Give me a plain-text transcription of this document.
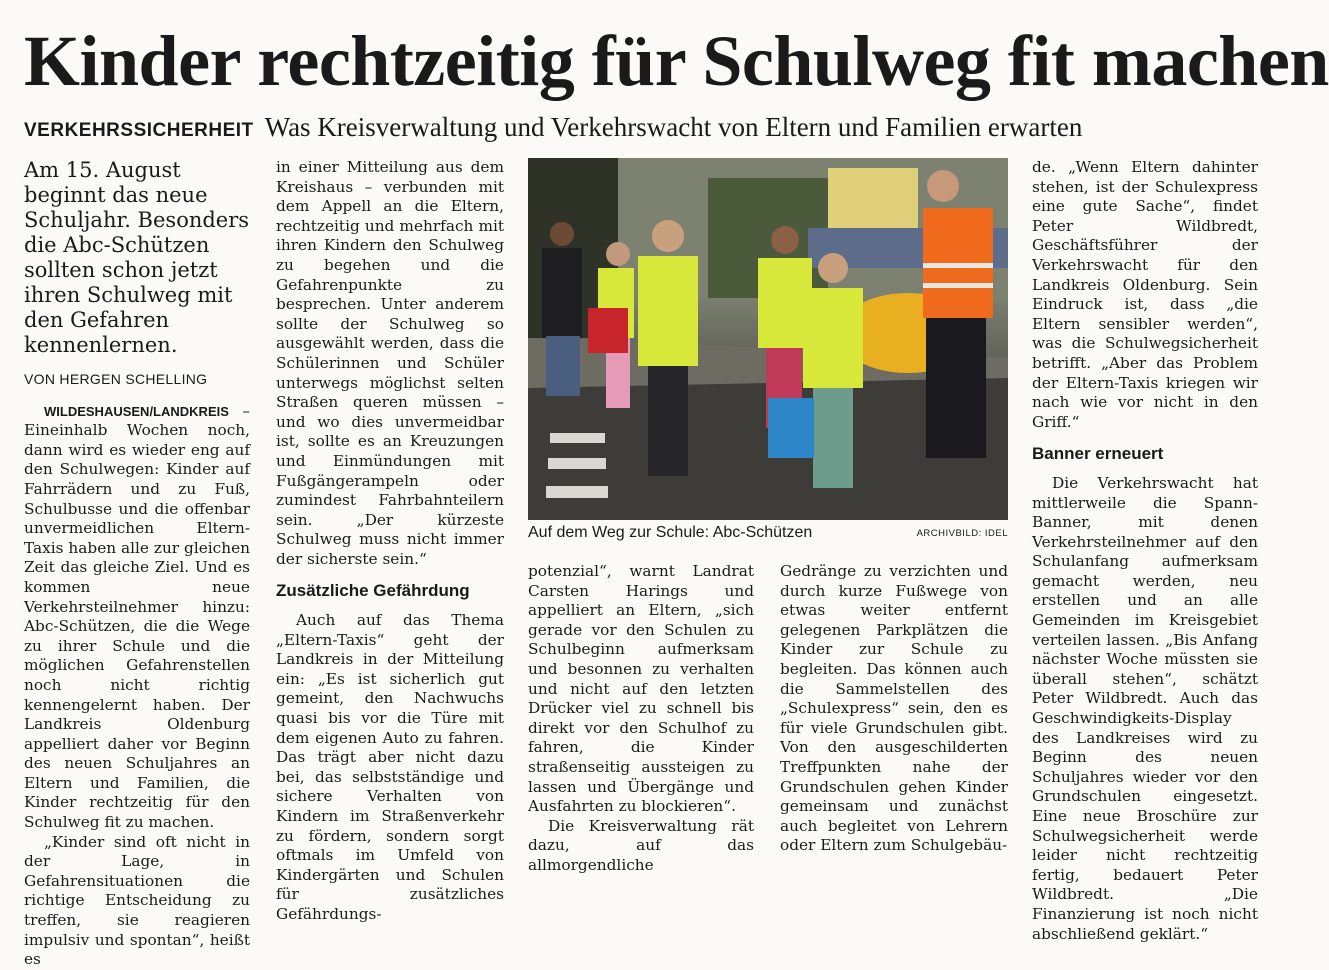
Kinder rechtzeitig für Schulweg fit machen
VERKEHRSSICHERHEIT Was Kreisverwaltung und Verkehrswacht von Eltern und Familien erwarten

Am 15. August beginnt das neue Schuljahr. Besonders die Abc-Schützen sollten schon jetzt ihren Schulweg mit den Gefahren kennenlernen.

VON HERGEN SCHELLING

WILDESHAUSEN/LANDKREIS – Eineinhalb Wochen noch, dann wird es wieder eng auf den Schulwegen: Kinder auf Fahrrädern und zu Fuß, Schulbusse und die offenbar unvermeidlichen Eltern-Taxis haben alle zur gleichen Zeit das gleiche Ziel. Und es kommen neue Verkehrsteilnehmer hinzu: Abc-Schützen, die die Wege zu ihrer Schule und die möglichen Gefahrenstellen noch nicht richtig kennengelernt haben. Der Landkreis Oldenburg appelliert daher vor Beginn des neuen Schuljahres an Eltern und Familien, die Kinder rechtzeitig für den Schulweg fit zu machen.

„Kinder sind oft nicht in der Lage, in Gefahrensituationen die richtige Entscheidung zu treffen, sie reagieren impulsiv und spontan“, heißt es

in einer Mitteilung aus dem Kreishaus – verbunden mit dem Appell an die Eltern, rechtzeitig und mehrfach mit ihren Kindern den Schulweg zu begehen und die Gefahrenpunkte zu besprechen. Unter anderem sollte der Schulweg so ausgewählt werden, dass die Schülerinnen und Schüler unterwegs möglichst selten Straßen queren müssen – und wo dies unvermeidbar ist, sollte es an Kreuzungen und Einmündungen mit Fußgängerampeln oder zumindest Fahrbahnteilern sein. „Der kürzeste Schulweg muss nicht immer der sicherste sein.“

Zusätzliche Gefährdung

Auch auf das Thema „Eltern-Taxis“ geht der Landkreis in der Mitteilung ein: „Es ist sicherlich gut gemeint, den Nachwuchs quasi bis vor die Türe mit dem eigenen Auto zu fahren. Das trägt aber nicht dazu bei, das selbstständige und sichere Verhalten von Kindern im Straßenverkehr zu fördern, sondern sorgt oftmals im Umfeld von Kindergärten und Schulen für zusätzliches Gefährdungs-

Auf dem Weg zur Schule: Abc-Schützen	ARCHIVBILD: IDEL

potenzial“, warnt Landrat Carsten Harings und appelliert an Eltern, „sich gerade vor den Schulen zu Schulbeginn aufmerksam und besonnen zu verhalten und nicht auf den letzten Drücker viel zu schnell bis direkt vor den Schulhof zu fahren, die Kinder straßenseitig aussteigen zu lassen und Übergänge und Ausfahrten zu blockieren“.

Die Kreisverwaltung rät dazu, auf das allmorgendliche

Gedränge zu verzichten und durch kurze Fußwege von etwas weiter entfernt gelegenen Parkplätzen die Kinder zur Schule zu begleiten. Das können auch die Sammelstellen des „Schulexpress“ sein, den es für viele Grundschulen gibt. Von den ausgeschilderten Treffpunkten nahe der Grundschulen gehen Kinder gemeinsam und zunächst auch begleitet von Lehrern oder Eltern zum Schulgebäu-

de. „Wenn Eltern dahinter stehen, ist der Schulexpress eine gute Sache“, findet Peter Wildbredt, Geschäftsführer der Verkehrswacht für den Landkreis Oldenburg. Sein Eindruck ist, dass „die Eltern sensibler werden“, was die Schulwegsicherheit betrifft. „Aber das Problem der Eltern-Taxis kriegen wir nach wie vor nicht in den Griff.“

Banner erneuert

Die Verkehrswacht hat mittlerweile die Spann-Banner, mit denen Verkehrsteilnehmer auf den Schulanfang aufmerksam gemacht werden, neu erstellen und an alle Gemeinden im Kreisgebiet verteilen lassen. „Bis Anfang nächster Woche müssten sie überall stehen“, schätzt Peter Wildbredt. Auch das Geschwindigkeits-Display des Landkreises wird zu Beginn des neuen Schuljahres wieder vor den Grundschulen eingesetzt. Eine neue Broschüre zur Schulwegsicherheit werde leider nicht rechtzeitig fertig, bedauert Peter Wildbredt. „Die Finanzierung ist noch nicht abschließend geklärt.“
